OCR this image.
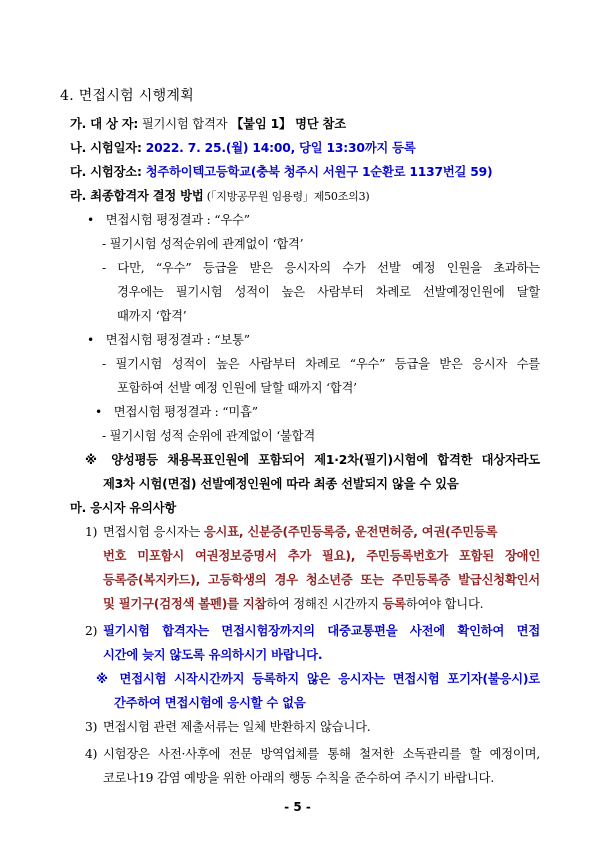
4. 면접시험 시행계획
가. 대 상 자: 필기시험 합격자 【붙임 1】 명단 참조
나. 시험일자: 2022. 7. 25.(월) 14:00, 당일 13:30까지 등록
다. 시험장소: 청주하이텍고등학교(충북 청주시 서원구 1순환로 1137번길 59)
라. 최종합격자 결정 방법 (「지방공무원 임용령」제50조의3)
• 면접시험 평정결과 : “우수”
- 필기시험 성적순위에 관계없이 ‘합격’
- 다만, “우수” 등급을 받은 응시자의 수가 선발 예정 인원을 초과하는
경우에는 필기시험 성적이 높은 사람부터 차례로 선발예정인원에 달할
때까지 ‘합격’
• 면접시험 평정결과 : “보통”
- 필기시험 성적이 높은 사람부터 차례로 “우수” 등급을 받은 응시자 수를
포함하여 선발 예정 인원에 달할 때까지 ‘합격’
• 면접시험 평정결과 : “미흡”
- 필기시험 성적 순위에 관계없이 ‘불합격
※ 양성평등 채용목표인원에 포함되어 제1·2차(필기)시험에 합격한 대상자라도
제3차 시험(면접) 선발예정인원에 따라 최종 선발되지 않을 수 있음
마. 응시자 유의사항
1) 면접시험 응시자는 응시표, 신분증(주민등록증, 운전면허증, 여권(주민등록
번호 미포함시 여권정보증명서 추가 필요), 주민등록번호가 포함된 장애인
등록증(복지카드), 고등학생의 경우 청소년증 또는 주민등록증 발급신청확인서
및 필기구(검정색 볼펜)를 지참하여 정해진 시간까지 등록하여야 합니다.
2) 필기시험 합격자는 면접시험장까지의 대중교통편을 사전에 확인하여 면접
시간에 늦지 않도록 유의하시기 바랍니다.
※ 면접시험 시작시간까지 등록하지 않은 응시자는 면접시험 포기자(불응시)로
간주하여 면접시험에 응시할 수 없음
3) 면접시험 관련 제출서류는 일체 반환하지 않습니다.
4) 시험장은 사전·사후에 전문 방역업체를 통해 철저한 소독관리를 할 예정이며,
코로나19 감염 예방을 위한 아래의 행동 수칙을 준수하여 주시기 바랍니다.
- 5 -
